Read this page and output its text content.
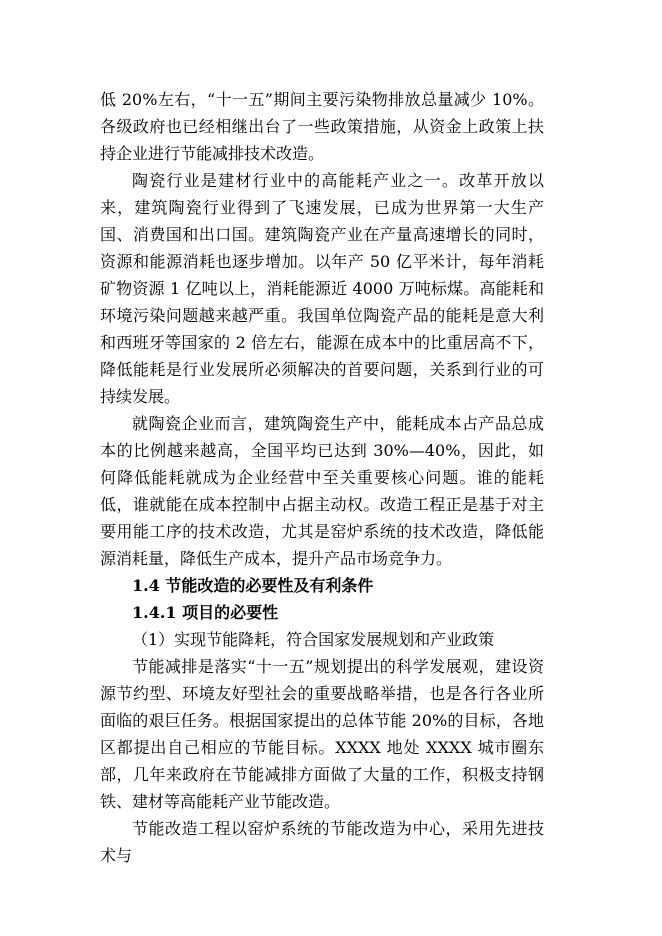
低 20%左右，“十一五”期间主要污染物排放总量减少 10%。各级政府也已经相继出台了一些政策措施，从资金上政策上扶持企业进行节能减排技术改造。

陶瓷行业是建材行业中的高能耗产业之一。改革开放以来，建筑陶瓷行业得到了飞速发展，已成为世界第一大生产国、消费国和出口国。建筑陶瓷产业在产量高速增长的同时，资源和能源消耗也逐步增加。以年产 50 亿平米计，每年消耗矿物资源 1 亿吨以上，消耗能源近 4000 万吨标煤。高能耗和环境污染问题越来越严重。我国单位陶瓷产品的能耗是意大利和西班牙等国家的 2 倍左右，能源在成本中的比重居高不下，降低能耗是行业发展所必须解决的首要问题，关系到行业的可持续发展。

就陶瓷企业而言，建筑陶瓷生产中，能耗成本占产品总成本的比例越来越高，全国平均已达到 30%—40%，因此，如何降低能耗就成为企业经营中至关重要核心问题。谁的能耗低，谁就能在成本控制中占据主动权。改造工程正是基于对主要用能工序的技术改造，尤其是窑炉系统的技术改造，降低能源消耗量，降低生产成本，提升产品市场竞争力。

1.4 节能改造的必要性及有利条件

1.4.1 项目的必要性

（1）实现节能降耗，符合国家发展规划和产业政策

节能减排是落实“十一五”规划提出的科学发展观，建设资源节约型、环境友好型社会的重要战略举措，也是各行各业所面临的艰巨任务。根据国家提出的总体节能 20%的目标，各地区都提出自己相应的节能目标。XXXX 地处 XXXX 城市圈东部，几年来政府在节能减排方面做了大量的工作，积极支持钢铁、建材等高能耗产业节能改造。

节能改造工程以窑炉系统的节能改造为中心，采用先进技术与
